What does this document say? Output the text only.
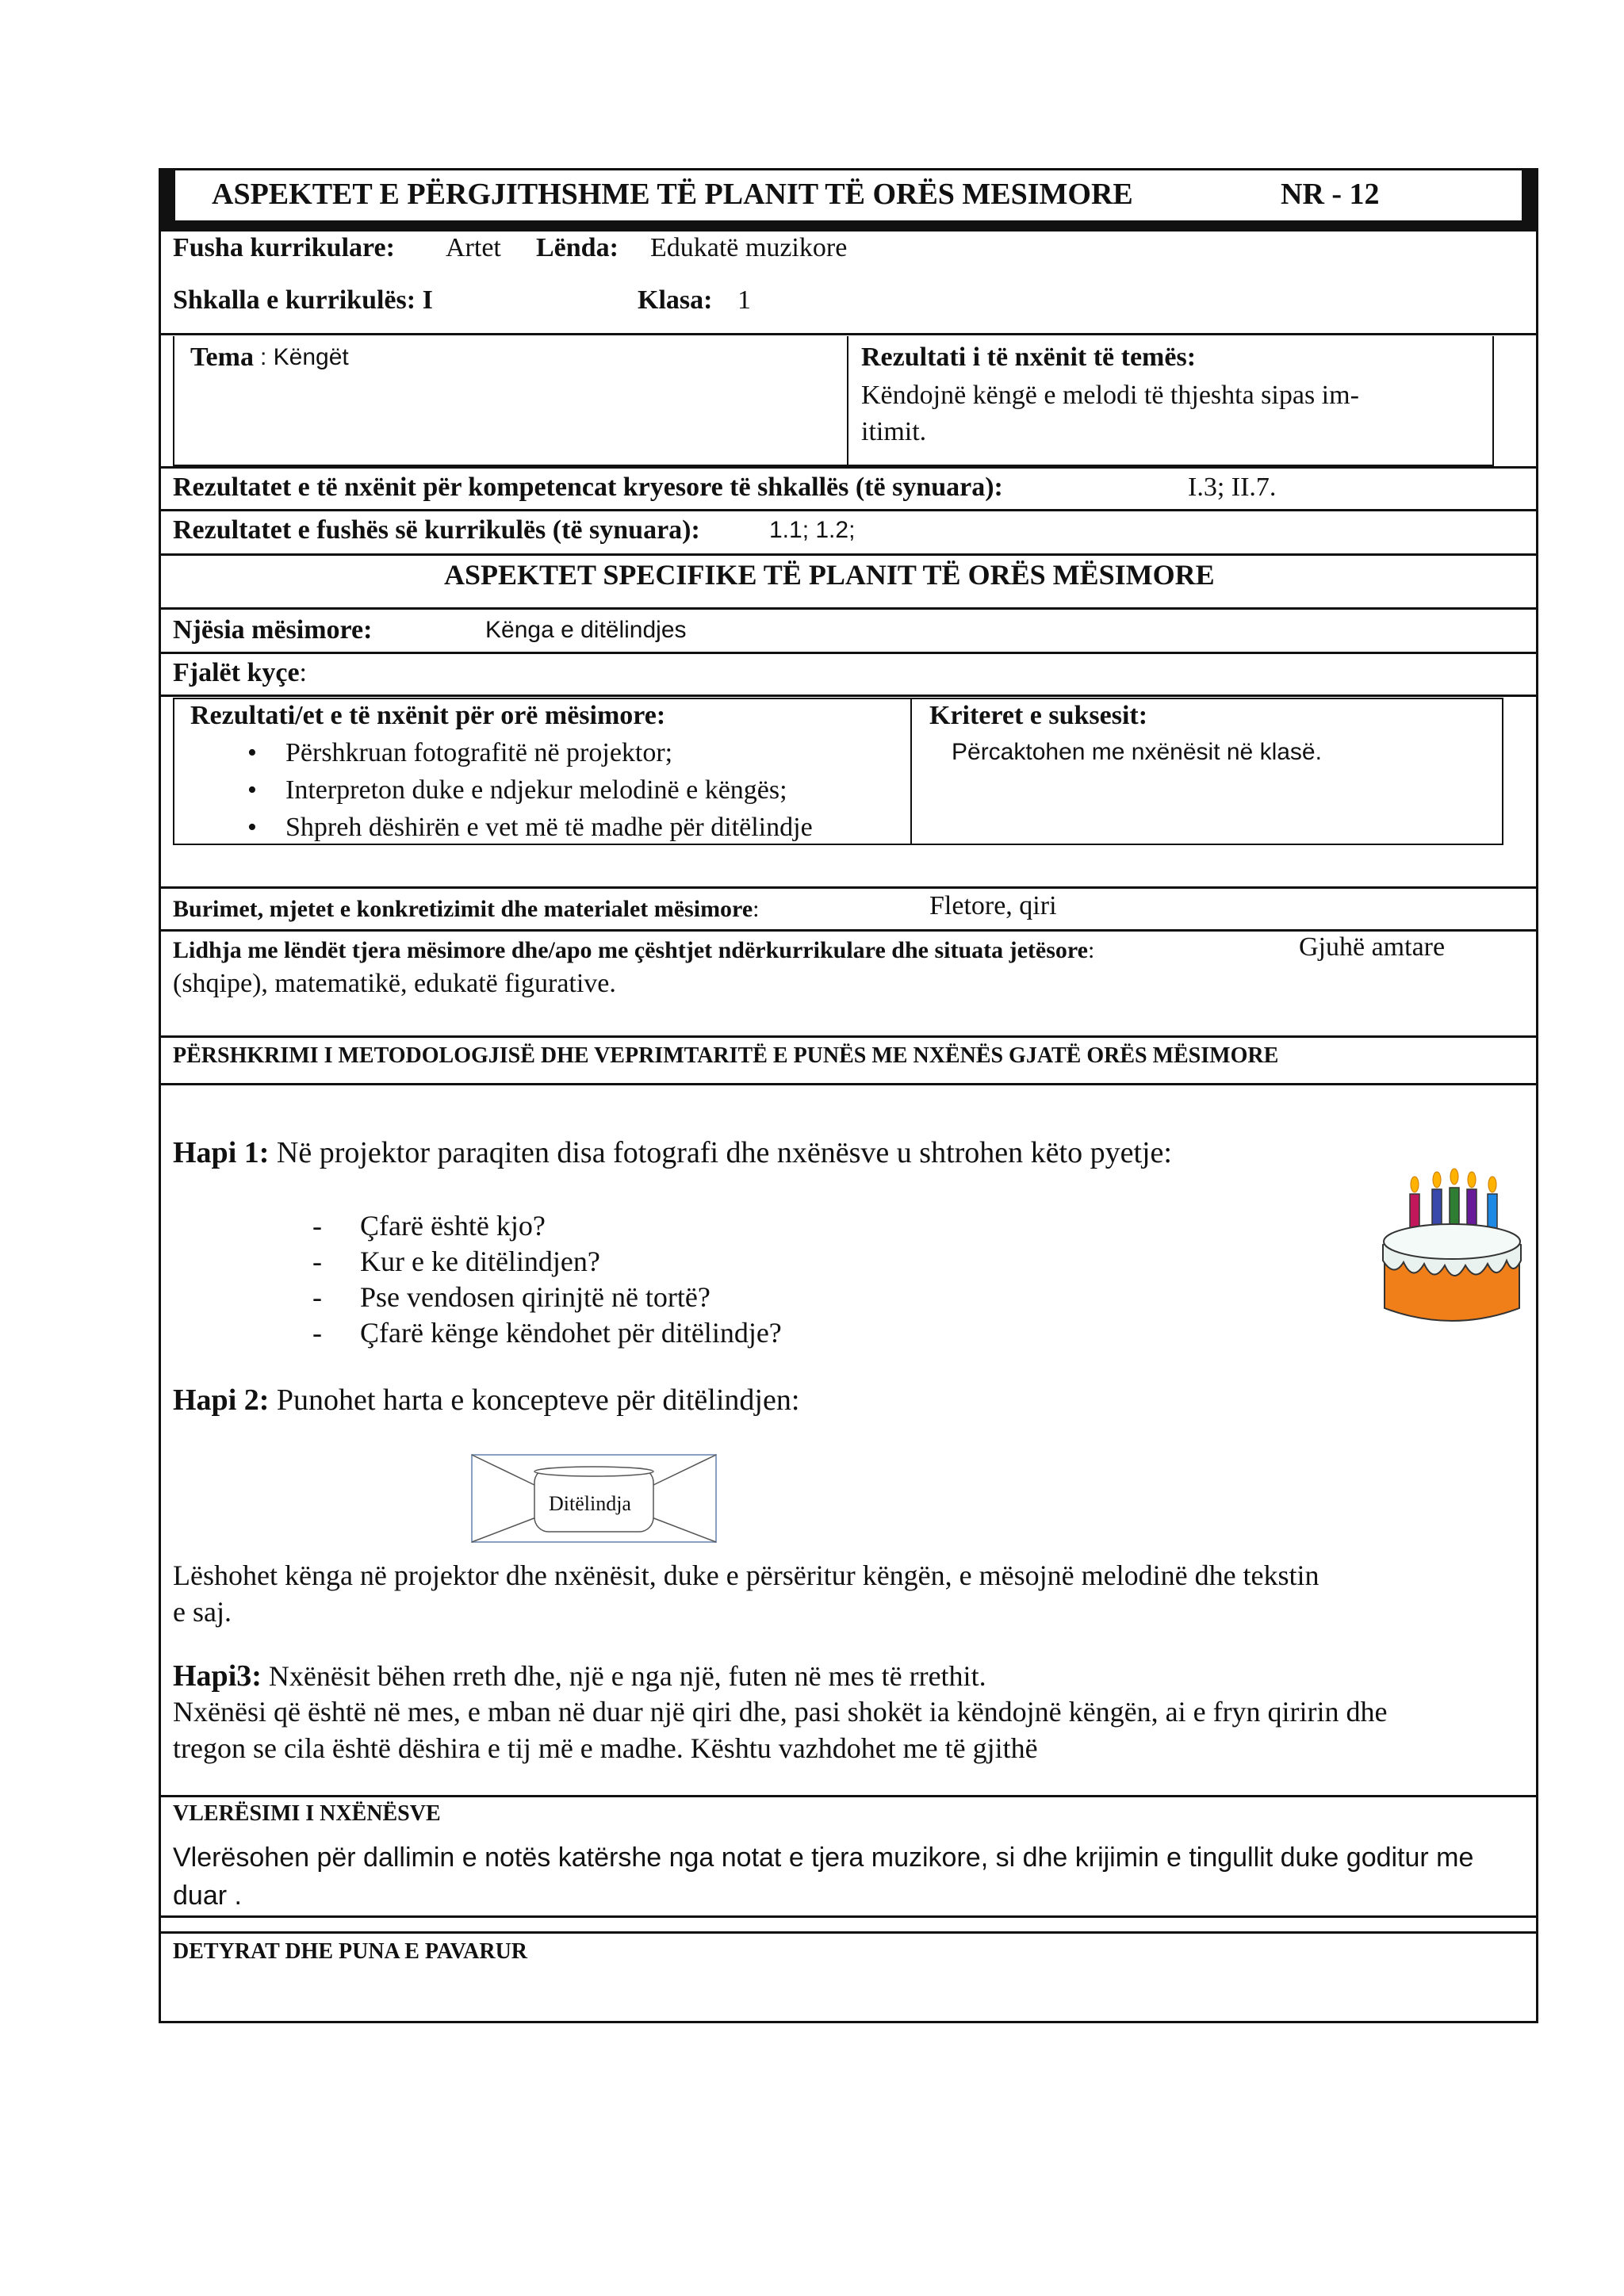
ASPEKTET E PËRGJITHSHME TË PLANIT TË ORËS MESIMORE	NR - 12
Fusha kurrikulare: Artet Lënda: Edukatë muzikore
Shkalla e kurrikulës: I	Klasa: 1
Tema : Këngët	Rezultati i të nxënit të temës:
Këndojnë këngë e melodi të thjeshta sipas im-
itimit.
Rezultatet e të nxënit për kompetencat kryesore të shkallës (të synuara):	I.3; II.7.
Rezultatet e fushës së kurrikulës (të synuara):	1.1; 1.2;
ASPEKTET SPECIFIKE TË PLANIT TË ORËS MËSIMORE
Njësia mësimore:	Kënga e ditëlindjes
Fjalët kyçe:
Rezultati/et e të nxënit për orë mësimore:
• Përshkruan fotografitë në projektor;
• Interpreton duke e ndjekur melodinë e këngës;
• Shpreh dëshirën e vet më të madhe për ditëlindje
Kriteret e suksesit:
Përcaktohen me nxënësit në klasë.
Burimet, mjetet e konkretizimit dhe materialet mësimore:	Fletore, qiri
Lidhja me lëndët tjera mësimore dhe/apo me çështjet ndërkurrikulare dhe situata jetësore:	Gjuhë amtare
(shqipe), matematikë, edukatë figurative.
PËRSHKRIMI I METODOLOGJISË DHE VEPRIMTARITË E PUNËS ME NXËNËS GJATË ORËS MËSIMORE
Hapi 1: Në projektor paraqiten disa fotografi dhe nxënësve u shtrohen këto pyetje:
- Çfarë është kjo?
- Kur e ke ditëlindjen?
- Pse vendosen qirinjtë në tortë?
- Çfarë kënge këndohet për ditëlindje?
Hapi 2: Punohet harta e koncepteve për ditëlindjen:
Ditëlindja
Lëshohet kënga në projektor dhe nxënësit, duke e përsëritur këngën, e mësojnë melodinë dhe tekstin
e saj.
Hapi3: Nxënësit bëhen rreth dhe, një e nga një, futen në mes të rrethit.
Nxënësi që është në mes, e mban në duar një qiri dhe, pasi shokët ia këndojnë këngën, ai e fryn qiririn dhe
tregon se cila është dëshira e tij më e madhe. Kështu vazhdohet me të gjithë
VLERËSIMI I NXËNËSVE
Vlerësohen për dallimin e notës katërshe nga notat e tjera muzikore, si dhe krijimin e tingullit duke goditur me
duar .
DETYRAT DHE PUNA E PAVARUR
